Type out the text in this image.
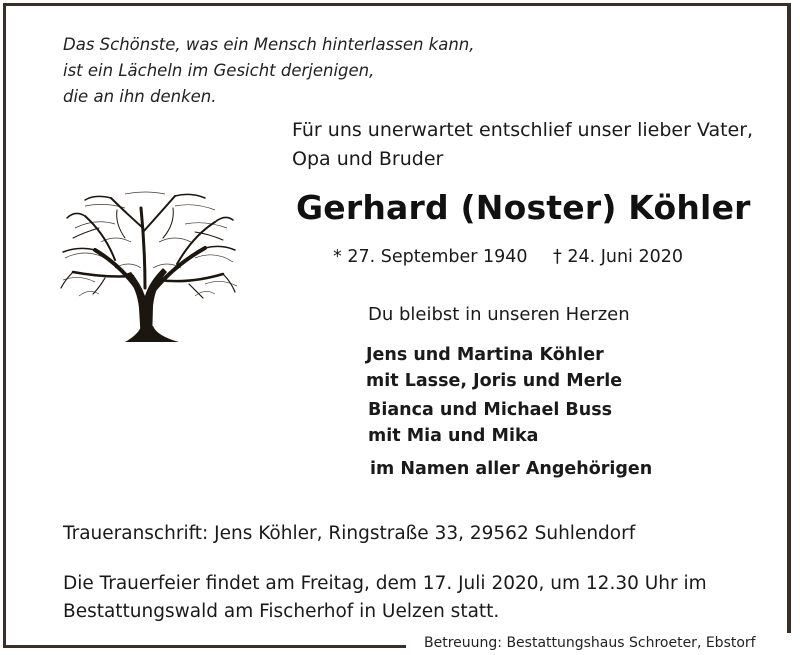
Das Schönste, was ein Mensch hinterlassen kann,
ist ein Lächeln im Gesicht derjenigen,
die an ihn denken.
Für uns unerwartet entschlief unser lieber Vater,
Opa und Bruder
Gerhard (Noster) Köhler
* 27. September 1940 † 24. Juni 2020
Du bleibst in unseren Herzen
Jens und Martina Köhler
mit Lasse, Joris und Merle
Bianca und Michael Buss
mit Mia und Mika
im Namen aller Angehörigen
Traueranschrift: Jens Köhler, Ringstraße 33, 29562 Suhlendorf
Die Trauerfeier findet am Freitag, dem 17. Juli 2020, um 12.30 Uhr im
Bestattungswald am Fischerhof in Uelzen statt.
Betreuung: Bestattungshaus Schroeter, Ebstorf
